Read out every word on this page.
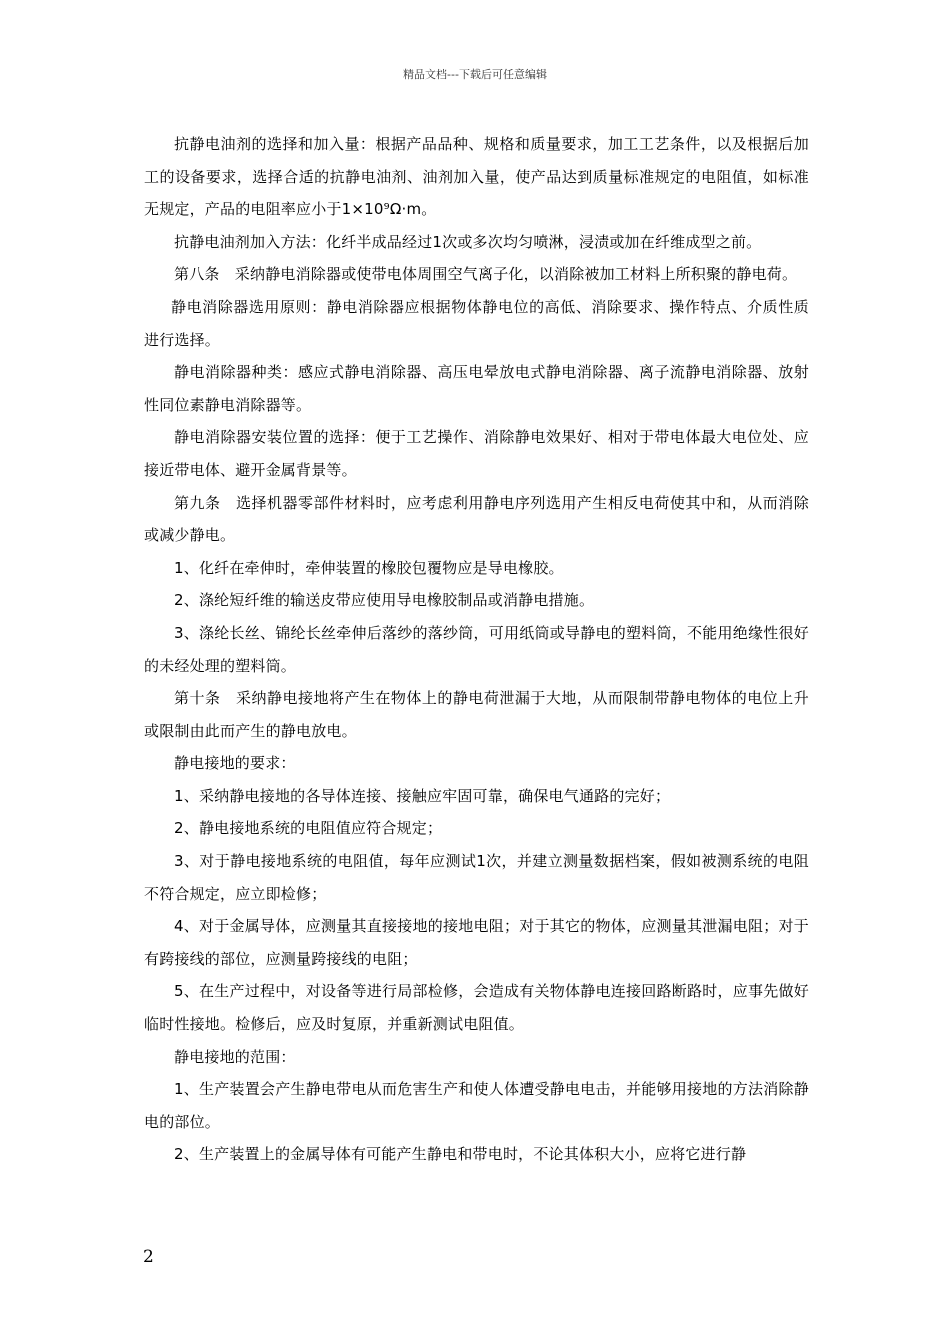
精品文档---下载后可任意编辑

抗静电油剂的选择和加入量：根据产品品种、规格和质量要求，加工工艺条件，以及根据后加工的设备要求，选择合适的抗静电油剂、油剂加入量，使产品达到质量标准规定的电阻值，如标准无规定，产品的电阻率应小于1×10⁹Ω·m。

抗静电油剂加入方法：化纤半成品经过1次或多次均匀喷淋，浸渍或加在纤维成型之前。

第八条　采纳静电消除器或使带电体周围空气离子化，以消除被加工材料上所积聚的静电荷。

静电消除器选用原则：静电消除器应根据物体静电位的高低、消除要求、操作特点、介质性质进行选择。

静电消除器种类：感应式静电消除器、高压电晕放电式静电消除器、离子流静电消除器、放射性同位素静电消除器等。

静电消除器安装位置的选择：便于工艺操作、消除静电效果好、相对于带电体最大电位处、应接近带电体、避开金属背景等。

第九条　选择机器零部件材料时，应考虑利用静电序列选用产生相反电荷使其中和，从而消除或减少静电。

1、化纤在牵伸时，牵伸装置的橡胶包覆物应是导电橡胶。

2、涤纶短纤维的输送皮带应使用导电橡胶制品或消静电措施。

3、涤纶长丝、锦纶长丝牵伸后落纱的落纱筒，可用纸筒或导静电的塑料筒，不能用绝缘性很好的未经处理的塑料筒。

第十条　采纳静电接地将产生在物体上的静电荷泄漏于大地，从而限制带静电物体的电位上升或限制由此而产生的静电放电。

静电接地的要求：

1、采纳静电接地的各导体连接、接触应牢固可靠，确保电气通路的完好；

2、静电接地系统的电阻值应符合规定；

3、对于静电接地系统的电阻值，每年应测试1次，并建立测量数据档案，假如被测系统的电阻不符合规定，应立即检修；

4、对于金属导体，应测量其直接接地的接地电阻；对于其它的物体，应测量其泄漏电阻；对于有跨接线的部位，应测量跨接线的电阻；

5、在生产过程中，对设备等进行局部检修，会造成有关物体静电连接回路断路时，应事先做好临时性接地。检修后，应及时复原，并重新测试电阻值。

静电接地的范围：

1、生产装置会产生静电带电从而危害生产和使人体遭受静电电击，并能够用接地的方法消除静电的部位。

2、生产装置上的金属导体有可能产生静电和带电时，不论其体积大小，应将它进行静

2
